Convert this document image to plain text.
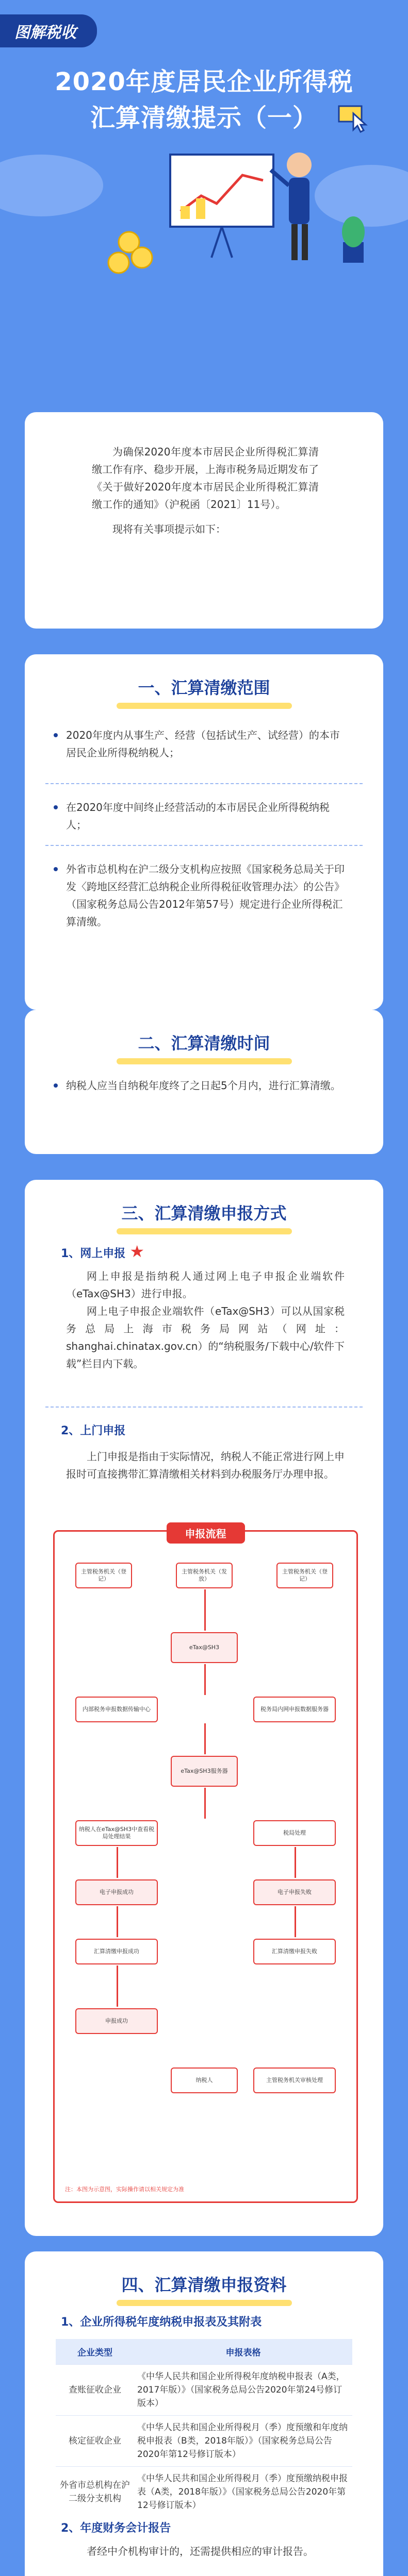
图解税收
2020年度居民企业所得税
汇算清缴提示（一）

为确保2020年度本市居民企业所得税汇算清缴工作有序、稳步开展，上海市税务局近期发布了《关于做好2020年度本市居民企业所得税汇算清缴工作的通知》（沪税函〔2021〕11号）。

现将有关事项提示如下：

一、汇算清缴范围
2020年度内从事生产、经营（包括试生产、试经营）的本市居民企业所得税纳税人；
在2020年度中间终止经营活动的本市居民企业所得税纳税人；
外省市总机构在沪二级分支机构应按照《国家税务总局关于印发〈跨地区经营汇总纳税企业所得税征收管理办法〉的公告》（国家税务总局公告2012年第57号）规定进行企业所得税汇算清缴。
二、汇算清缴时间
纳税人应当自纳税年度终了之日起5个月内，进行汇算清缴。
三、汇算清缴申报方式
1、网上申报 ★

网上申报是指纳税人通过网上电子申报企业端软件（eTax@SH3）进行申报。

网上电子申报企业端软件（eTax@SH3）可以从国家税务总局上海市税务局网站（网址：shanghai.chinatax.gov.cn）的“纳税服务/下载中心/软件下载”栏目内下载。

2、上门申报

上门申报是指由于实际情况，纳税人不能正常进行网上申报时可直接携带汇算清缴相关材料到办税服务厅办理申报。

申报流程
主管税务机关（登记）
主管税务机关（发放）
主管税务机关（登记）
eTax@SH3
内部税务申报数据传输中心	税务局内网申报数据服务器
eTax@SH3服务器
纳税人在eTax@SH3中查看税局处理结果
税局处理
电子申报成功	电子申报失败
汇算清缴申报成功	汇算清缴申报失败
申报成功
纳税人	主管税务机关审核处理
注：本图为示意图，实际操作请以相关规定为准
四、汇算清缴申报资料
1、企业所得税年度纳税申报表及其附表
企业类型	申报表格
查账征收企业	《中华人民共和国企业所得税年度纳税申报表（A类，2017年版）》（国家税务总局公告2020年第24号修订版本）
核定征收企业	《中华人民共和国企业所得税月（季）度预缴和年度纳税申报表（B类，2018年版）》（国家税务总局公告2020年第12号修订版本）
外省市总机构在沪二级分支机构	《中华人民共和国企业所得税月（季）度预缴纳税申报表（A类，2018年版）》（国家税务总局公告2020年第12号修订版本）
2、年度财务会计报告

者经中介机构审计的，还需提供相应的审计报告。
